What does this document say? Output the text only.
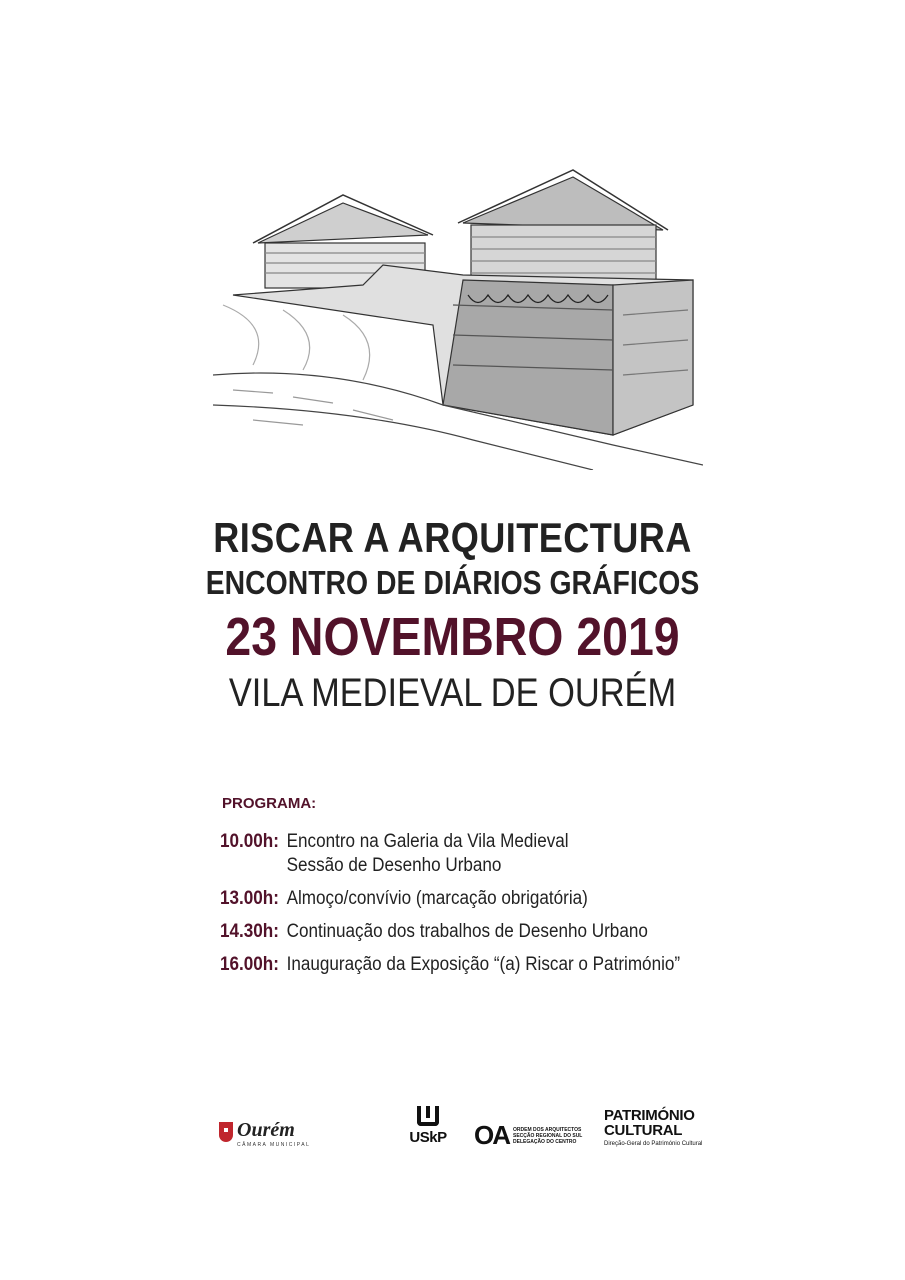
RISCAR A ARQUITECTURA
ENCONTRO DE DIÁRIOS GRÁFICOS
23 NOVEMBRO 2019
VILA MEDIEVAL DE OURÉM
PROGRAMA:
10.00h: Encontro na Galeria da Vila Medieval
Sessão de Desenho Urbano
13.00h: Almoço/convívio (marcação obrigatória)
14.30h: Continuação dos trabalhos de Desenho Urbano
16.00h: Inauguração da Exposição “(a) Riscar o Património”
Ourém
CÂMARA MUNICIPAL	USkP OA ORDEM DOS ARQUITECTOS
SECÇÃO REGIONAL DO SUL
DELEGAÇÃO DO CENTRO
PATRIMÓNIO
CULTURAL
Direção-Geral do Património Cultural
